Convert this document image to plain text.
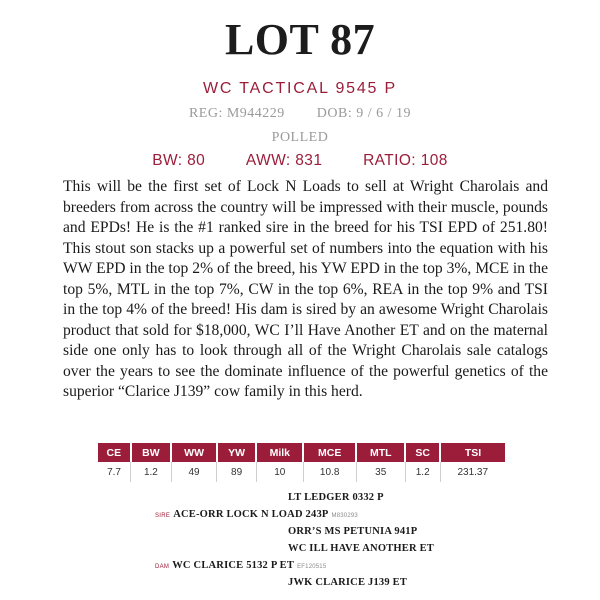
LOT 87
WC TACTICAL 9545 P
REG: M944229 DOB: 9 / 6 / 19
POLLED
BW: 80	AWW: 831	RATIO: 108

This will be the first set of Lock N Loads to sell at Wright Charolais and breeders from across the country will be impressed with their muscle, pounds and EPDs! He is the #1 ranked sire in the breed for his TSI EPD of 251.80! This stout son stacks up a powerful set of numbers into the equation with his WW EPD in the top 2% of the breed, his YW EPD in the top 3%, MCE in the top 5%, MTL in the top 7%, CW in the top 6%, REA in the top 9% and TSI in the top 4% of the breed! His dam is sired by an awesome Wright Charolais product that sold for $18,000, WC I’ll Have Another ET and on the maternal side one only has to look through all of the Wright Charolais sale catalogs over the years to see the dominate influence of the powerful genetics of the superior “Clarice J139” cow family in this herd.

CE	BW	WW	YW	Milk	MCE	MTL	SC	TSI
7.7	1.2	49	89	10	10.8	35	1.2	231.37
LT LEDGER 0332 P
SIRE ACE-ORR LOCK N LOAD 243P M830293
ORR’S MS PETUNIA 941P
WC ILL HAVE ANOTHER ET
DAM WC CLARICE 5132 P ET EF120515
JWK CLARICE J139 ET
